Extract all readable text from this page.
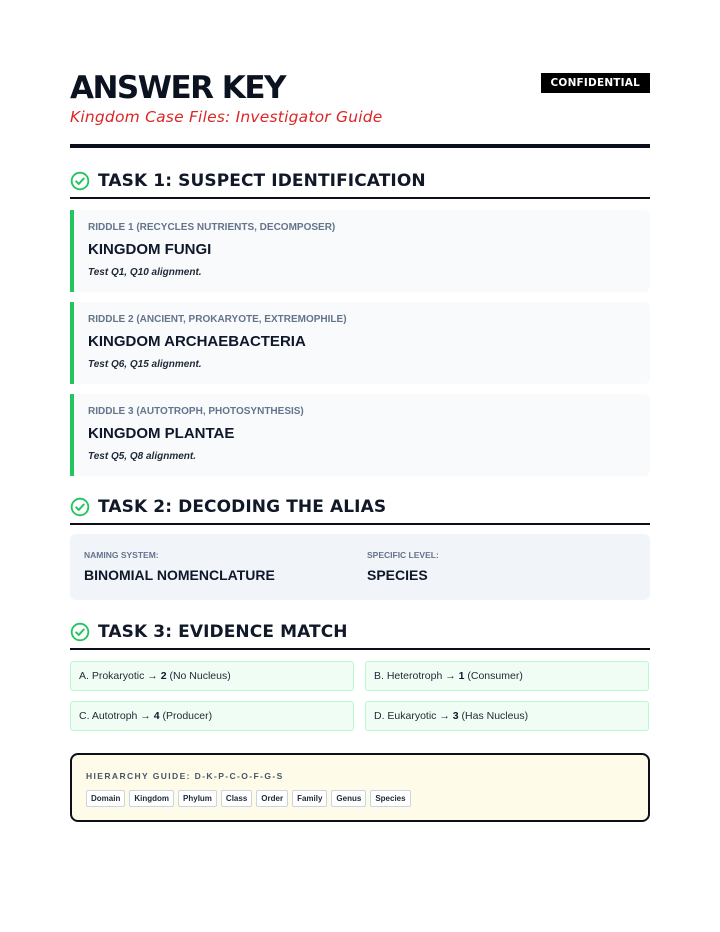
ANSWER KEY
Kingdom Case Files: Investigator Guide
CONFIDENTIAL
TASK 1: SUSPECT IDENTIFICATION
RIDDLE 1 (RECYCLES NUTRIENTS, DECOMPOSER)
KINGDOM FUNGI
Test Q1, Q10 alignment.
RIDDLE 2 (ANCIENT, PROKARYOTE, EXTREMOPHILE)
KINGDOM ARCHAEBACTERIA
Test Q6, Q15 alignment.
RIDDLE 3 (AUTOTROPH, PHOTOSYNTHESIS)
KINGDOM PLANTAE
Test Q5, Q8 alignment.
TASK 2: DECODING THE ALIAS
NAMING SYSTEM:
BINOMIAL NOMENCLATURE
SPECIFIC LEVEL:
SPECIES
TASK 3: EVIDENCE MATCH
A. Prokaryotic → 2 (No Nucleus)	B. Heterotroph → 1 (Consumer)
C. Autotroph → 4 (Producer)	D. Eukaryotic → 3 (Has Nucleus)
HIERARCHY GUIDE: D-K-P-C-O-F-G-S
Domain	Kingdom	Phylum	Class	Order	Family	Genus	Species
